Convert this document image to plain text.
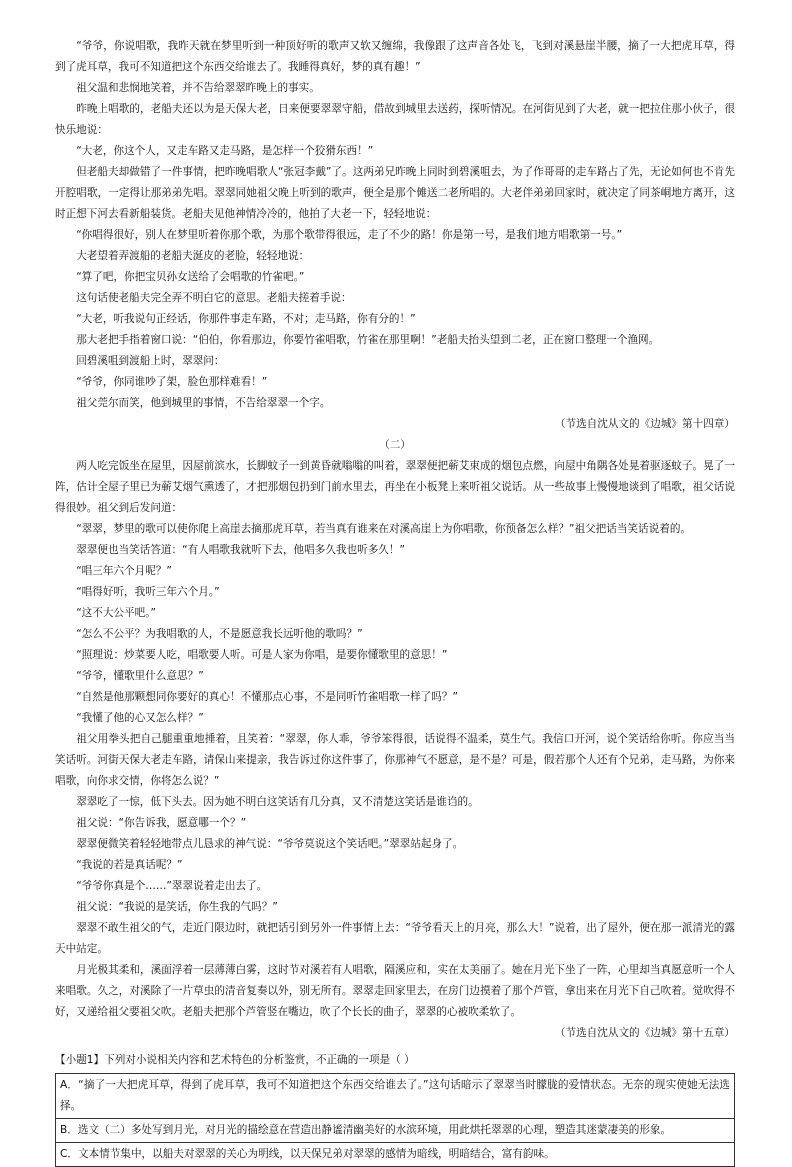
“爷爷，你说唱歌，我昨天就在梦里听到一种顶好听的歌声又软又缠绵，我像跟了这声音各处飞，飞到对溪悬崖半腰，摘了一大把虎耳草，得到了虎耳草，我可不知道把这个东西交给谁去了。我睡得真好，梦的真有趣！”

祖父温和悲悯地笑着，并不告给翠翠昨晚上的事实。

昨晚上唱歌的，老船夫还以为是天保大老，日来便要翠翠守船，借故到城里去送药，探听情况。在河街见到了大老，就一把拉住那小伙子，很快乐地说：

“大老，你这个人，又走车路又走马路，是怎样一个狡猾东西！”

但老船夫却做错了一件事情，把昨晚唱歌人“张冠李戴”了。这两弟兄昨晚上同时到碧溪咀去，为了作哥哥的走车路占了先，无论如何也不肯先开腔唱歌，一定得让那弟弟先唱。翠翠同她祖父晚上听到的歌声，便全是那个傩送二老所唱的。大老伴弟弟回家时，就决定了同茶峒地方离开，这时正想下河去看新船装货。老船夫见他神情冷冷的，他拍了大老一下，轻轻地说：

“你唱得很好，别人在梦里听着你那个歌，为那个歌带得很远，走了不少的路！你是第一号，是我们地方唱歌第一号。”

大老望着弄渡船的老船夫涎皮的老脸，轻轻地说：

“算了吧，你把宝贝孙女送给了会唱歌的竹雀吧。”

这句话使老船夫完全弄不明白它的意思。老船夫搓着手说：

“大老，听我说句正经话，你那件事走车路，不对；走马路，你有分的！”

那大老把手指着窗口说：“伯伯，你看那边，你要竹雀唱歌，竹雀在那里啊！”老船夫抬头望到二老，正在窗口整理一个渔网。

回碧溪咀到渡船上时，翠翠问：

“爷爷，你同谁吵了架，脸色那样难看！”

祖父莞尔而笑，他到城里的事情，不告给翠翠一个字。

（节选自沈从文的《边城》第十四章）

（二）

两人吃完饭坐在屋里，因屋前滨水，长脚蚊子一到黄昏就嗡嗡的叫着，翠翠便把蕲艾束成的烟包点燃，向屋中角隅各处晃着驱逐蚊子。晃了一阵，估计全屋子里已为蕲艾烟气熏透了，才把那烟包扔到门前水里去，再坐在小板凳上来听祖父说话。从一些故事上慢慢地谈到了唱歌，祖父话说得很妙。祖父到后发问道：

“翠翠，梦里的歌可以使你爬上高崖去摘那虎耳草，若当真有谁来在对溪高崖上为你唱歌，你预备怎么样？”祖父把话当笑话说着的。

翠翠便也当笑话答道：“有人唱歌我就听下去，他唱多久我也听多久！”

“唱三年六个月呢？”

“唱得好听，我听三年六个月。”

“这不大公平吧。”

“怎么不公平？为我唱歌的人，不是愿意我长远听他的歌吗？”

“照理说：炒菜要人吃，唱歌要人听。可是人家为你唱，是要你懂歌里的意思！”

“爷爷，懂歌里什么意思？”

“自然是他那颗想同你要好的真心！不懂那点心事，不是同听竹雀唱歌一样了吗？”

“我懂了他的心又怎么样？”

祖父用拳头把自己腿重重地捶着，且笑着：“翠翠，你人乖，爷爷笨得很，话说得不温柔，莫生气。我信口开河，说个笑话给你听。你应当当笑话听。河街天保大老走车路，请保山来提亲，我告诉过你这件事了，你那神气不愿意，是不是？可是，假若那个人还有个兄弟，走马路，为你来唱歌，向你求交情，你将怎么说？”

翠翠吃了一惊，低下头去。因为她不明白这笑话有几分真，又不清楚这笑话是谁诌的。

祖父说：“你告诉我，愿意哪一个？”

翠翠便微笑着轻轻地带点儿恳求的神气说：“爷爷莫说这个笑话吧。”翠翠站起身了。

“我说的若是真话呢？”

“爷爷你真是个……”翠翠说着走出去了。

祖父说：“我说的是笑话，你生我的气吗？”

翠翠不敢生祖父的气，走近门限边时，就把话引到另外一件事情上去：“爷爷看天上的月亮，那么大！”说着，出了屋外，便在那一派清光的露天中站定。

月光极其柔和，溪面浮着一层薄薄白雾，这时节对溪若有人唱歌，隔溪应和，实在太美丽了。她在月光下坐了一阵，心里却当真愿意听一个人来唱歌。久之，对溪除了一片草虫的清音复奏以外，别无所有。翠翠走回家里去，在房门边摸着了那个芦管，拿出来在月光下自己吹着。觉吹得不好，又递给祖父要祖父吹。老船夫把那个芦管竖在嘴边，吹了个长长的曲子，翠翠的心被吹柔软了。

（节选自沈从文的《边城》第十五章）

【小题1】下列对小说相关内容和艺术特色的分析鉴赏，不正确的一项是（ ）

A．“摘了一大把虎耳草，得到了虎耳草，我可不知道把这个东西交给谁去了。”这句话暗示了翠翠当时朦胧的爱情状态。无奈的现实使她无法选择。
B．选文（二）多处写到月光，对月光的描绘意在营造出静谧清幽美好的水滨环境，用此烘托翠翠的心理，塑造其迷蒙凄美的形象。
C．文本情节集中，以船夫对翠翠的关心为明线，以天保兄弟对翠翠的感情为暗线，明暗结合，富有韵味。
